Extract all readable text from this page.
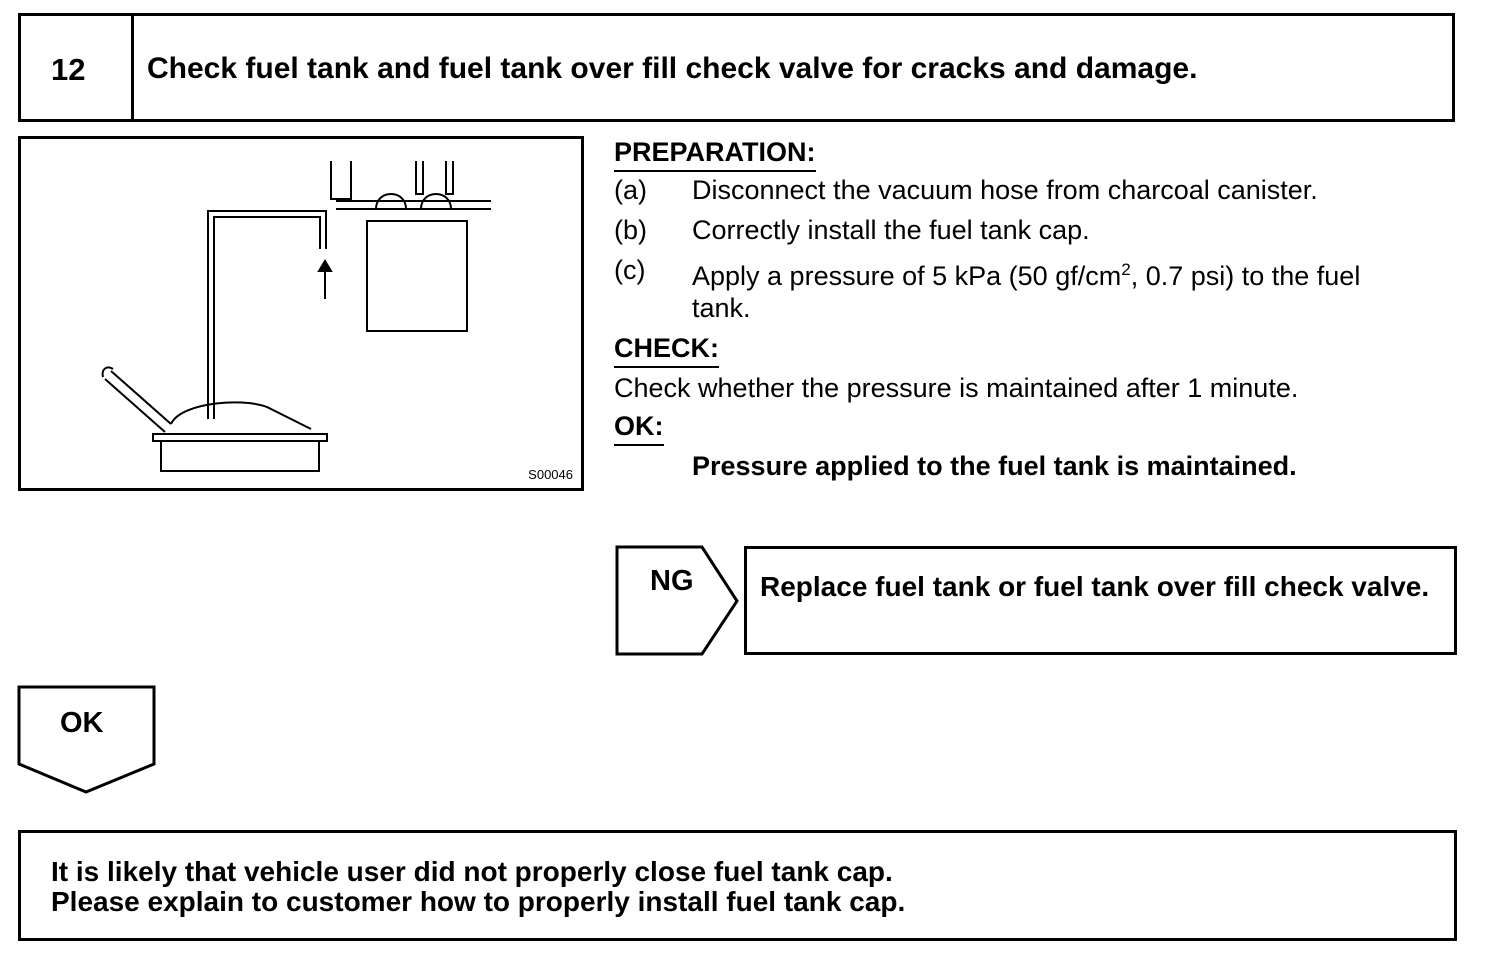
12	Check fuel tank and fuel tank over fill check valve for cracks and damage.
S00046
PREPARATION:
(a) Disconnect the vacuum hose from charcoal canister.
(b) Correctly install the fuel tank cap.
(c) Apply a pressure of 5 kPa (50 $gf/cm^2$, 0.7 psi) to the fuel
tank.
CHECK:
Check whether the pressure is maintained after 1 minute.
OK:
Pressure applied to the fuel tank is maintained.
NG Replace fuel tank or fuel tank over fill check valve.
OK
It is likely that vehicle user did not properly close fuel tank cap.
Please explain to customer how to properly install fuel tank cap.
